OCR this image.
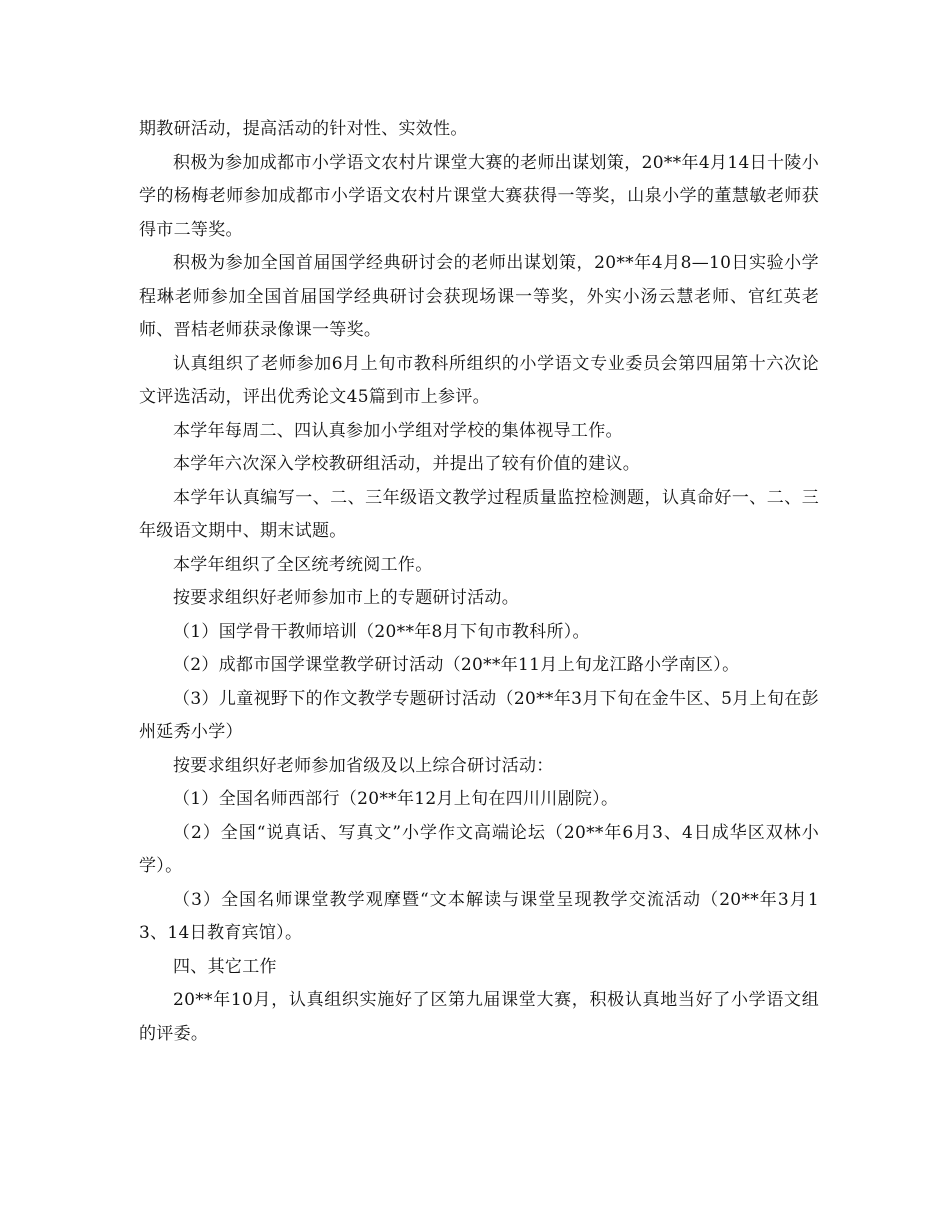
期教研活动，提高活动的针对性、实效性。

积极为参加成都市小学语文农村片课堂大赛的老师出谋划策，20**年4月14日十陵小学的杨梅老师参加成都市小学语文农村片课堂大赛获得一等奖，山泉小学的董慧敏老师获得市二等奖。

积极为参加全国首届国学经典研讨会的老师出谋划策，20**年4月8—10日实验小学程琳老师参加全国首届国学经典研讨会获现场课一等奖，外实小汤云慧老师、官红英老师、晋桔老师获录像课一等奖。

认真组织了老师参加6月上旬市教科所组织的小学语文专业委员会第四届第十六次论文评选活动，评出优秀论文45篇到市上参评。

本学年每周二、四认真参加小学组对学校的集体视导工作。

本学年六次深入学校教研组活动，并提出了较有价值的建议。

本学年认真编写一、二、三年级语文教学过程质量监控检测题，认真命好一、二、三年级语文期中、期末试题。

本学年组织了全区统考统阅工作。

按要求组织好老师参加市上的专题研讨活动。

（1）国学骨干教师培训（20**年8月下旬市教科所）。

（2）成都市国学课堂教学研讨活动（20**年11月上旬龙江路小学南区）。

（3）儿童视野下的作文教学专题研讨活动（20**年3月下旬在金牛区、5月上旬在彭州延秀小学）

按要求组织好老师参加省级及以上综合研讨活动：

（1）全国名师西部行（20**年12月上旬在四川川剧院）。

（2）全国“说真话、写真文”小学作文高端论坛（20**年6月3、4日成华区双林小学）。

（3）全国名师课堂教学观摩暨“文本解读与课堂呈现教学交流活动（20**年3月13、14日教育宾馆）。

四、其它工作

20**年10月，认真组织实施好了区第九届课堂大赛，积极认真地当好了小学语文组的评委。
